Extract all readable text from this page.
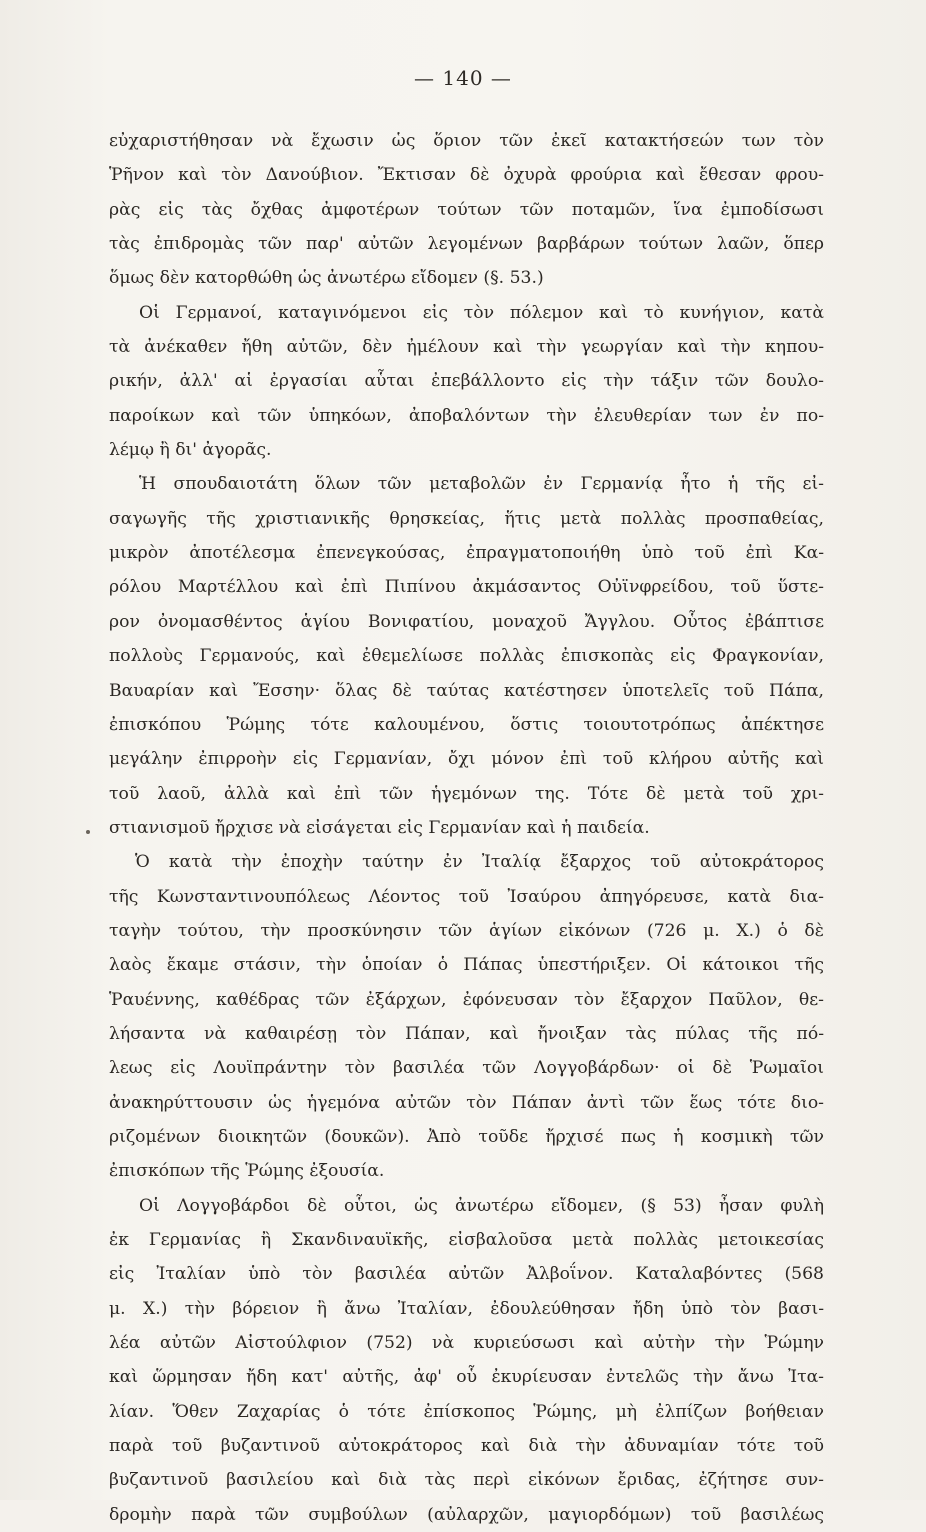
— 140 —
εὐχαριστήθησαν νὰ ἔχωσιν ὡς ὅριον τῶν ἐκεῖ κατακτήσεών των τὸν
Ῥῆνον καὶ τὸν Δανούβιον. Ἔκτισαν δὲ ὀχυρὰ φρούρια καὶ ἔθεσαν φρου-
ρὰς εἰς τὰς ὄχθας ἀμφοτέρων τούτων τῶν ποταμῶν, ἵνα ἐμποδίσωσι
τὰς ἐπιδρομὰς τῶν παρ' αὐτῶν λεγομένων βαρβάρων τούτων λαῶν, ὅπερ
ὅμως δὲν κατορθώθη ὡς ἀνωτέρω εἴδομεν (§. 53.)
Οἱ Γερμανοί, καταγινόμενοι εἰς τὸν πόλεμον καὶ τὸ κυνήγιον, κατὰ
τὰ ἀνέκαθεν ἤθη αὐτῶν, δὲν ἠμέλουν καὶ τὴν γεωργίαν καὶ τὴν κηπου-
ρικήν, ἀλλ' αἱ ἐργασίαι αὗται ἐπεβάλλοντο εἰς τὴν τάξιν τῶν δουλο-
παροίκων καὶ τῶν ὑπηκόων, ἀποβαλόντων τὴν ἐλευθερίαν των ἐν πο-
λέμῳ ἢ δι' ἀγορᾶς.
Ἡ σπουδαιοτάτη ὅλων τῶν μεταβολῶν ἐν Γερμανίᾳ ἦτο ἡ τῆς εἰ-
σαγωγῆς τῆς χριστιανικῆς θρησκείας, ἥτις μετὰ πολλὰς προσπαθείας,
μικρὸν ἀποτέλεσμα ἐπενεγκούσας, ἐπραγματοποιήθη ὑπὸ τοῦ ἐπὶ Κα-
ρόλου Μαρτέλλου καὶ ἐπὶ Πιπίνου ἀκμάσαντος Οὐϊνφρείδου, τοῦ ὕστε-
ρον ὀνομασθέντος ἁγίου Βονιφατίου, μοναχοῦ Ἄγγλου. Οὗτος ἐβάπτισε
πολλοὺς Γερμανούς, καὶ ἐθεμελίωσε πολλὰς ἐπισκοπὰς εἰς Φραγκονίαν,
Βαυαρίαν καὶ Ἔσσην· ὅλας δὲ ταύτας κατέστησεν ὑποτελεῖς τοῦ Πάπα,
ἐπισκόπου Ῥώμης τότε καλουμένου, ὅστις τοιουτοτρόπως ἀπέκτησε
μεγάλην ἐπιρροὴν εἰς Γερμανίαν, ὄχι μόνον ἐπὶ τοῦ κλήρου αὐτῆς καὶ
τοῦ λαοῦ, ἀλλὰ καὶ ἐπὶ τῶν ἡγεμόνων της. Τότε δὲ μετὰ τοῦ χρι-
στιανισμοῦ ἤρχισε νὰ εἰσάγεται εἰς Γερμανίαν καὶ ἡ παιδεία.
Ὁ κατὰ τὴν ἐποχὴν ταύτην ἐν Ἰταλίᾳ ἔξαρχος τοῦ αὐτοκράτορος
τῆς Κωνσταντινουπόλεως Λέοντος τοῦ Ἰσαύρου ἀπηγόρευσε, κατὰ δια-
ταγὴν τούτου, τὴν προσκύνησιν τῶν ἁγίων εἰκόνων (726 μ. Χ.) ὁ δὲ
λαὸς ἔκαμε στάσιν, τὴν ὁποίαν ὁ Πάπας ὑπεστήριξεν. Οἱ κάτοικοι τῆς
Ῥαυέννης, καθέδρας τῶν ἐξάρχων, ἐφόνευσαν τὸν ἔξαρχον Παῦλον, θε-
λήσαντα νὰ καθαιρέσῃ τὸν Πάπαν, καὶ ἤνοιξαν τὰς πύλας τῆς πό-
λεως εἰς Λουϊπράντην τὸν βασιλέα τῶν Λογγοβάρδων· οἱ δὲ Ῥωμαῖοι
ἀνακηρύττουσιν ὡς ἡγεμόνα αὐτῶν τὸν Πάπαν ἀντὶ τῶν ἕως τότε διο-
ριζομένων διοικητῶν (δουκῶν). Ἀπὸ τοῦδε ἤρχισέ πως ἡ κοσμικὴ τῶν
ἐπισκόπων τῆς Ῥώμης ἐξουσία.
Οἱ Λογγοβάρδοι δὲ οὗτοι, ὡς ἀνωτέρω εἴδομεν, (§ 53) ἦσαν φυλὴ
ἐκ Γερμανίας ἢ Σκανδιναυϊκῆς, εἰσβαλοῦσα μετὰ πολλὰς μετοικεσίας
εἰς Ἰταλίαν ὑπὸ τὸν βασιλέα αὐτῶν Ἀλβοΐνον. Καταλαβόντες (568
μ. Χ.) τὴν βόρειον ἢ ἄνω Ἰταλίαν, ἐδουλεύθησαν ἤδη ὑπὸ τὸν βασι-
λέα αὐτῶν Αἰστούλφιον (752) νὰ κυριεύσωσι καὶ αὐτὴν τὴν Ῥώμην
καὶ ὥρμησαν ἤδη κατ' αὐτῆς, ἀφ' οὗ ἐκυρίευσαν ἐντελῶς τὴν ἄνω Ἰτα-
λίαν. Ὅθεν Ζαχαρίας ὁ τότε ἐπίσκοπος Ῥώμης, μὴ ἐλπίζων βοήθειαν
παρὰ τοῦ βυζαντινοῦ αὐτοκράτορος καὶ διὰ τὴν ἀδυναμίαν τότε τοῦ
βυζαντινοῦ βασιλείου καὶ διὰ τὰς περὶ εἰκόνων ἔριδας, ἐζήτησε συν-
δρομὴν παρὰ τῶν συμβούλων (αὐλαρχῶν, μαγιορδόμων) τοῦ βασιλέως
